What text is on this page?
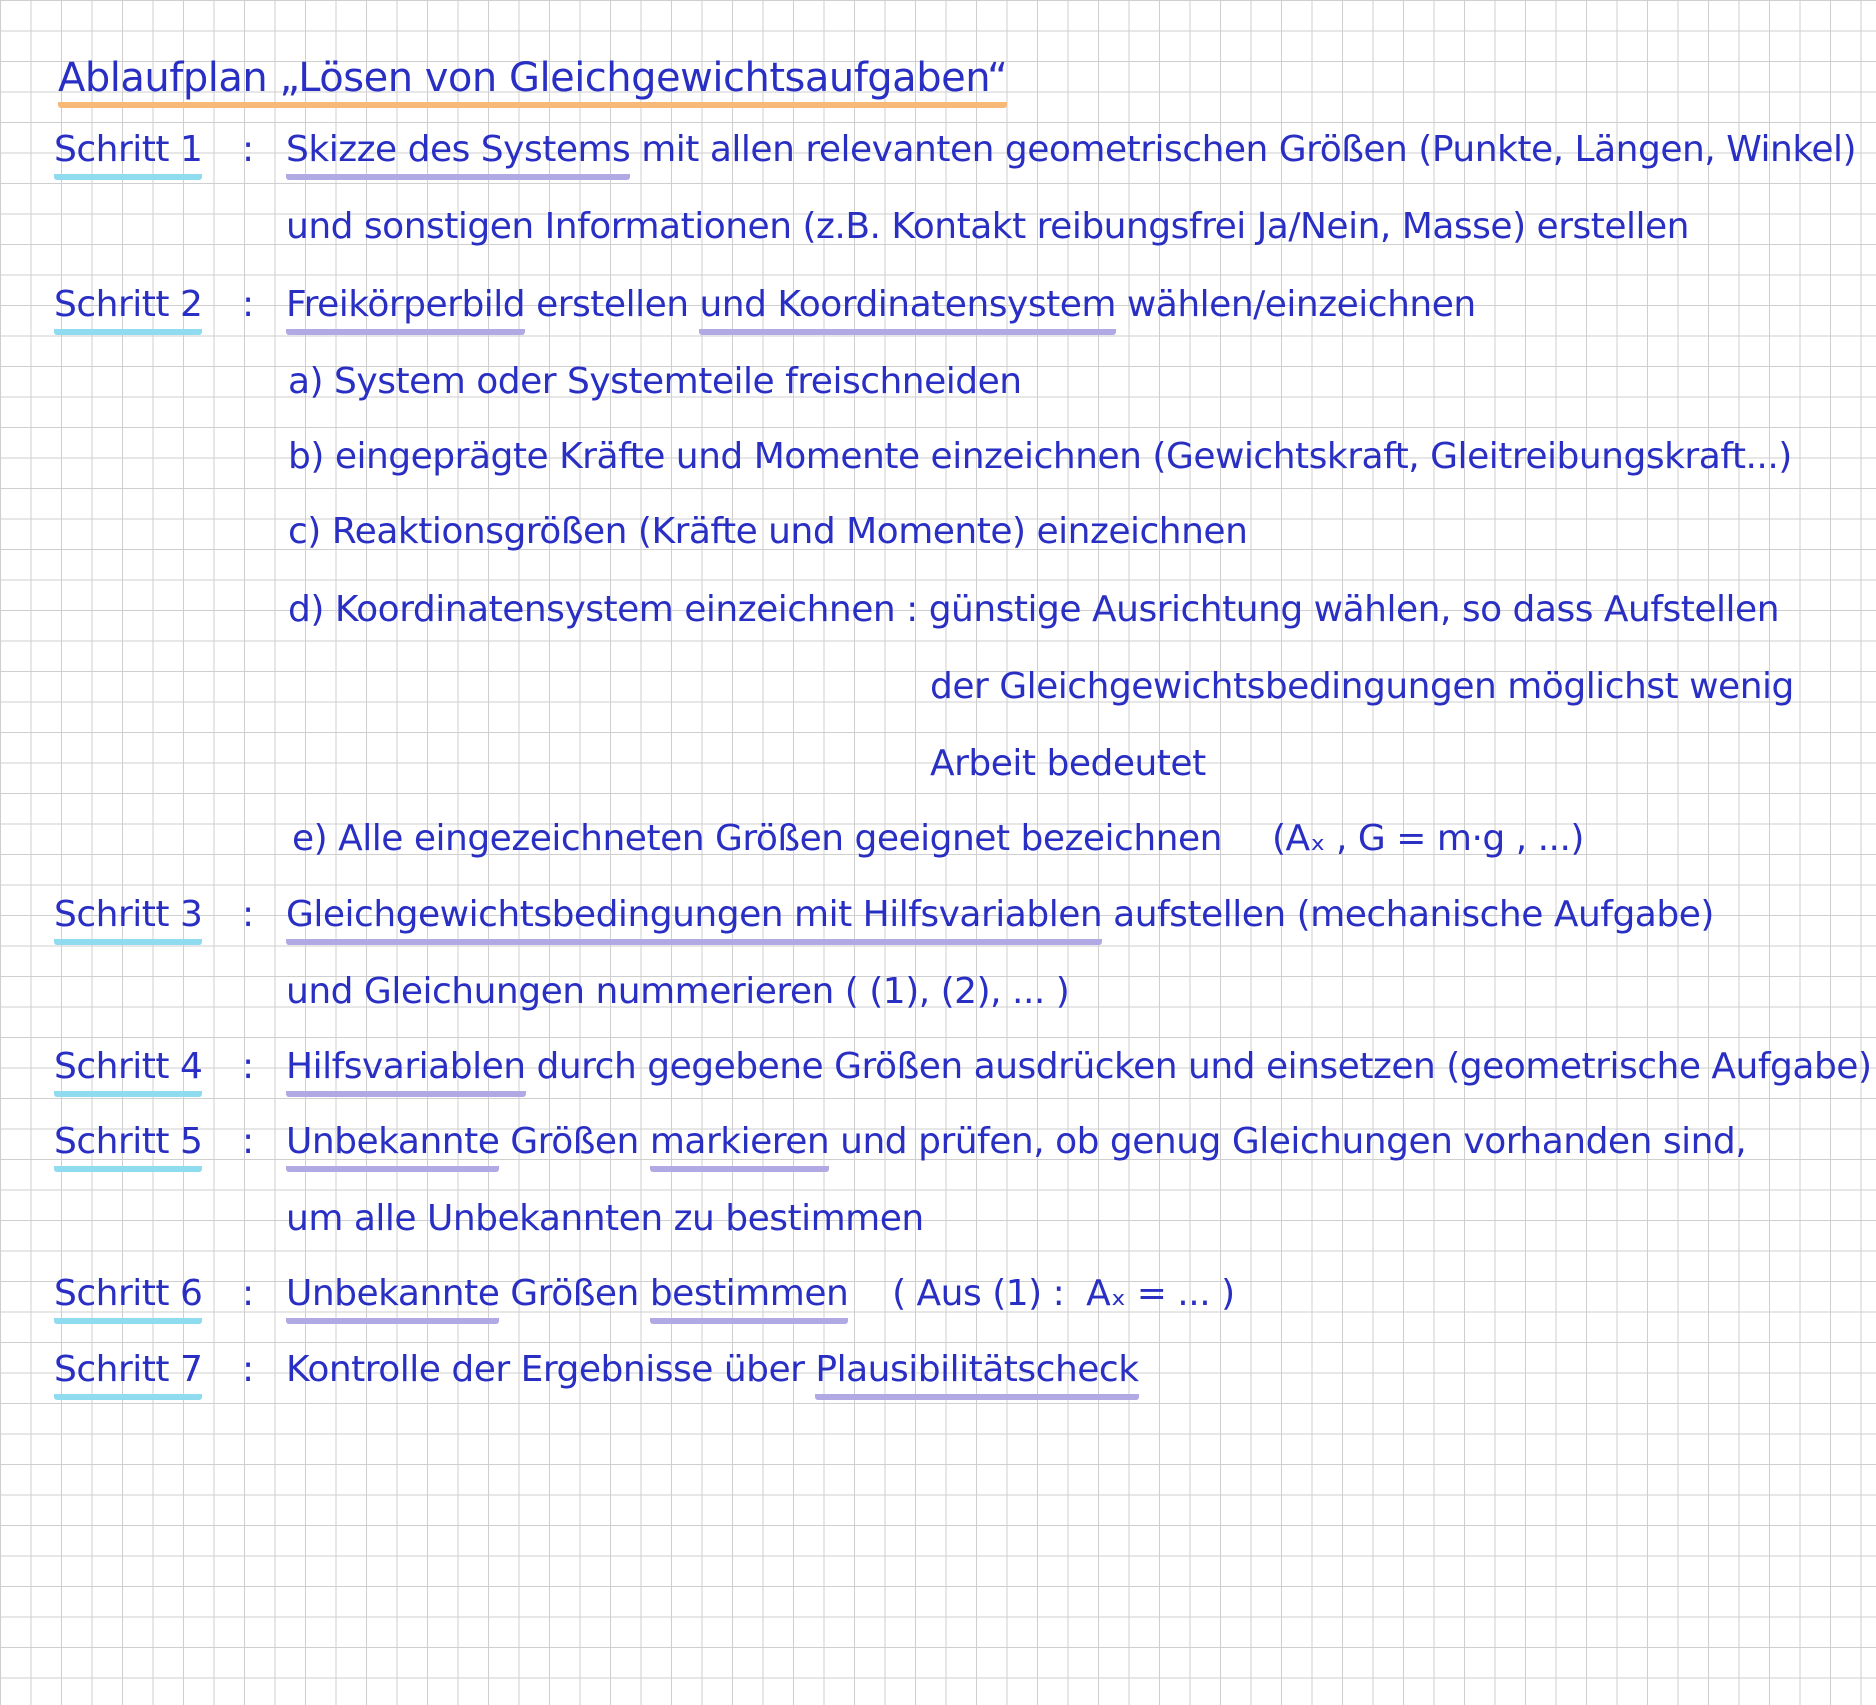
Ablaufplan „Lösen von Gleichgewichtsaufgaben“
Schritt 1 : Skizze des Systems mit allen relevanten geometrischen Größen (Punkte, Längen, Winkel)
und sonstigen Informationen (z.B. Kontakt reibungsfrei Ja/Nein, Masse) erstellen
Schritt 2 : Freikörperbild erstellen und Koordinatensystem wählen/einzeichnen
a) System oder Systemteile freischneiden
b) eingeprägte Kräfte und Momente einzeichnen (Gewichtskraft, Gleitreibungskraft...)
c) Reaktionsgrößen (Kräfte und Momente) einzeichnen
d) Koordinatensystem einzeichnen : günstige Ausrichtung wählen, so dass Aufstellen
der Gleichgewichtsbedingungen möglichst wenig
Arbeit bedeutet
e) Alle eingezeichneten Größen geeignet bezeichnen (Aₓ , G = m·g , ...)
Schritt 3 : Gleichgewichtsbedingungen mit Hilfsvariablen aufstellen (mechanische Aufgabe)
und Gleichungen nummerieren ( (1), (2), ... )
Schritt 4 : Hilfsvariablen durch gegebene Größen ausdrücken und einsetzen (geometrische Aufgabe)
Schritt 5 : Unbekannte Größen markieren und prüfen, ob genug Gleichungen vorhanden sind,
um alle Unbekannten zu bestimmen
Schritt 6 : Unbekannte Größen bestimmen    ( Aus (1) :  Aₓ = ... )
Schritt 7 : Kontrolle der Ergebnisse über Plausibilitätscheck
